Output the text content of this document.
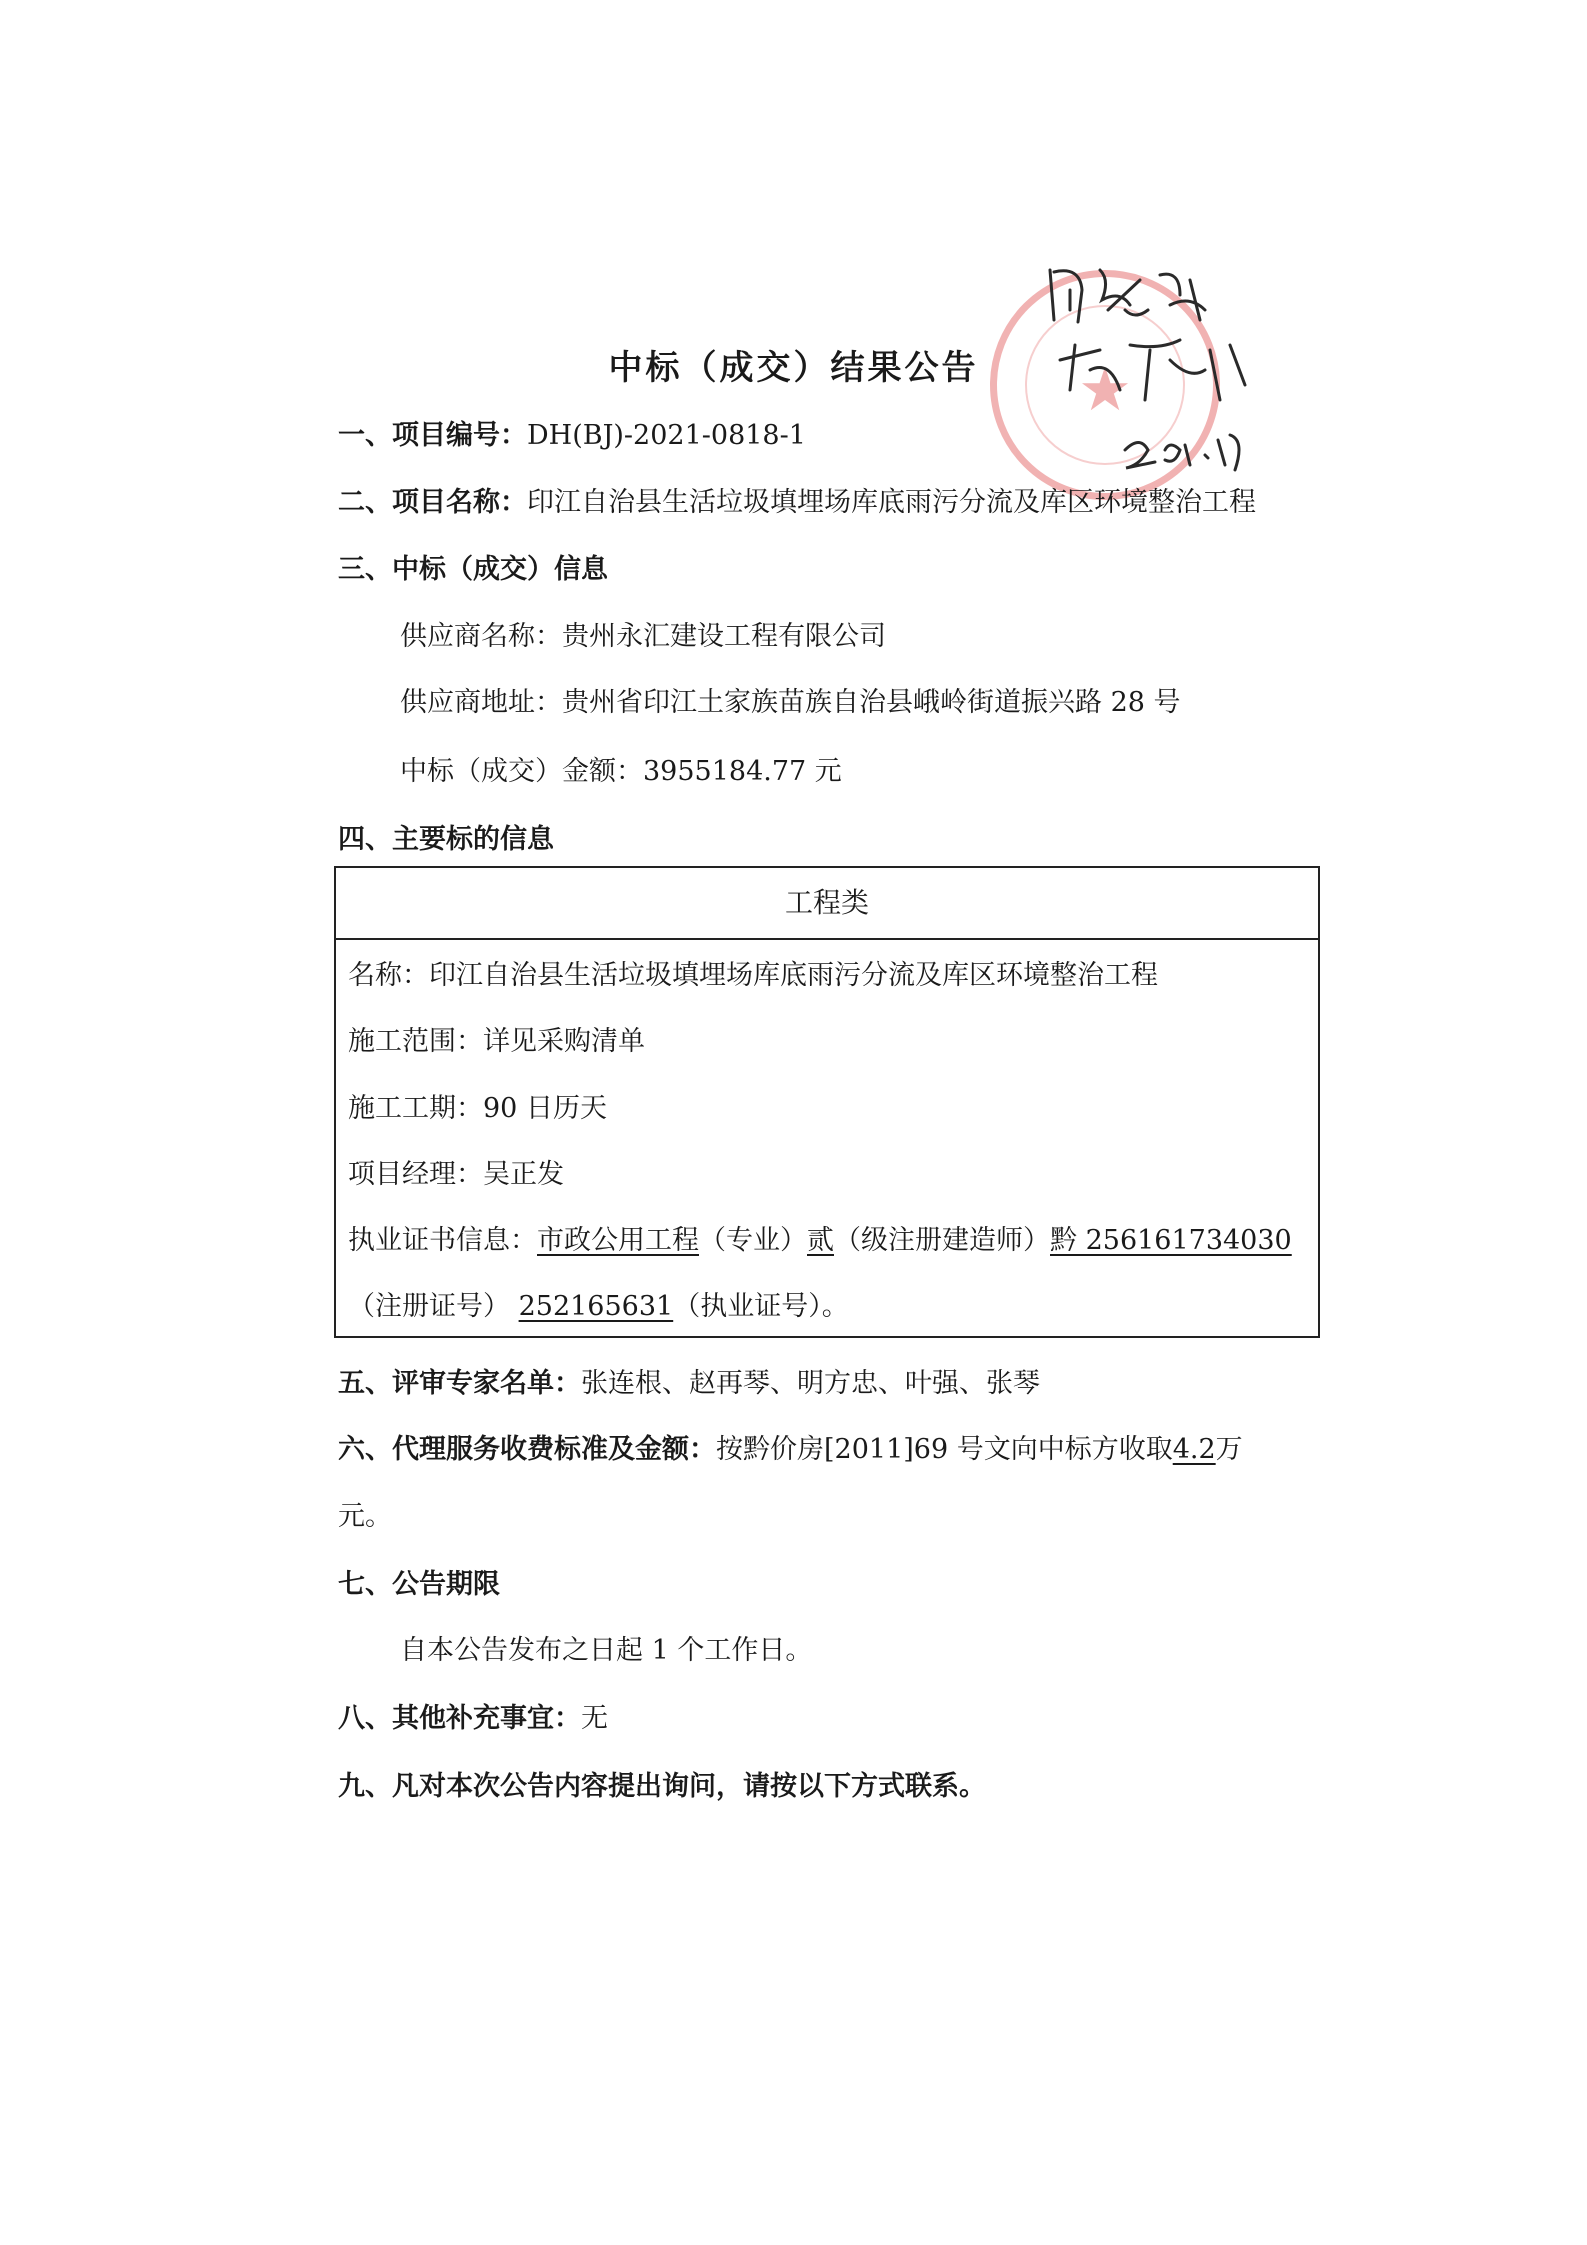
★
中标（成交）结果公告
一、项目编号：DH(BJ)-2021-0818-1
二、项目名称：印江自治县生活垃圾填埋场库底雨污分流及库区环境整治工程
三、中标（成交）信息
供应商名称：贵州永汇建设工程有限公司
供应商地址：贵州省印江土家族苗族自治县峨岭街道振兴路 28 号
中标（成交）金额：3955184.77 元
四、主要标的信息
工程类
名称：印江自治县生活垃圾填埋场库底雨污分流及库区环境整治工程
施工范围：详见采购清单
施工工期：90 日历天
项目经理：吴正发
执业证书信息：市政公用工程（专业）贰（级注册建造师）黔 256161734030
（注册证号） 252165631（执业证号）。
五、评审专家名单：张连根、赵再琴、明方忠、叶强、张琴
六、代理服务收费标准及金额：按黔价房[2011]69 号文向中标方收取4.2万
元。
七、公告期限
自本公告发布之日起 1 个工作日。
八、其他补充事宜：无
九、凡对本次公告内容提出询问，请按以下方式联系。
